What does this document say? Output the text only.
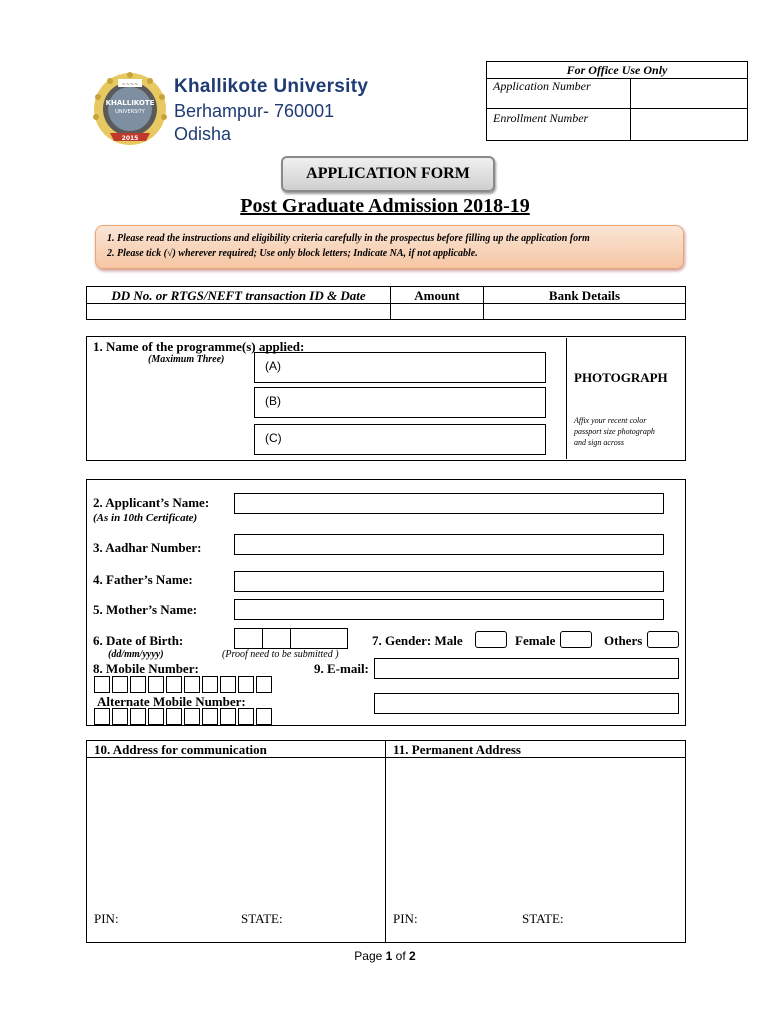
~~~~
KHALLIKOTE
UNIVERSITY
2015
Khallikote University
Berhampur- 760001
Odisha
For Office Use Only
Application Number
Enrollment Number
APPLICATION FORM
Post Graduate Admission 2018-19
1. Please read the instructions and eligibility criteria carefully in the prospectus before filling up the application form
2. Please tick (√) wherever required; Use only block letters; Indicate NA, if not applicable.
DD No. or RTGS/NEFT transaction ID & Date	Amount	Bank Details
1. Name of the programme(s) applied:
(Maximum Three)	(A)
(B)
(C)
PHOTOGRAPH
Affix your recent color
passport size photograph
and sign across
2. Applicant’s Name:
(As in 10th Certificate)
3. Aadhar Number:
4. Father’s Name:
5. Mother’s Name:
6. Date of Birth:
(dd/mm/yyyy)	(Proof need to be submitted )
7. Gender: Male	Female	Others
8. Mobile Number:	9. E-mail:
Alternate Mobile Number:
10. Address for communication	11. Permanent Address
PIN:	STATE:	PIN:	STATE:
Page 1 of 2
